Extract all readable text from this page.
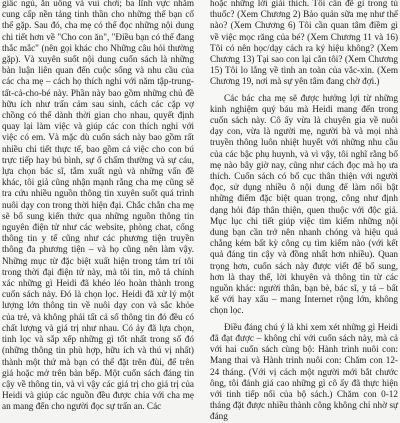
giấc ngủ, ăn uống và vui chơi; ba lĩnh vực nhằm cung cấp nền tảng tinh thần cho những thế bạn cố thể gặp. Sau đó, cha mẹ có thể đọc những nội dung chi tiết hơn về "Cho con ăn", "Điều bạn có thể đang thắc mắc" (nên gọi khác cho Những câu hỏi thường gặp). Và xuyên suốt nội dung cuốn sách là những bàn luận liên quan đến cuộc sống và nhu cầu của các cha mẹ – cách họ thích nghi với năm tập-trung-tất-cả-cho-bé này. Phần này bao gồm những chủ đề hữu ích như trấn cảm sau sinh, cách các cặp vợ chồng có thể dành thời gian cho nhau, quyết định quay lại làm việc và giúp các con thích nghi với việc có em. Và mặc dù cuốn sách này bao gồm rất nhiều chi tiết thực tế, bao gồm cả việc cho con bú trực tiếp hay bú bình, sự ổ chấm thường và sự cáu, lựa chọn bác sĩ, tắm xuất ngủ và những vấn đề khác, tôi giả cũng nhận mạnh rằng cha mẹ cũng sẽ tra cứu nhiều nguồn thông tin xuyên suốt quá trình nuôi dạy con trong thời hiện đại. Chắc chắn cha mẹ sẽ bổ sung kiến thức qua những nguồn thông tin nguyên điện tử như các website, phòng chat, cổng thông tin y tế cũng như các phương tiện truyền thông đa phương tiện – và họ cũng nên làm vậy. Những mục từ đặc biệt xuất hiện trong tám trí tôi trong thời đại điện tử này, mà tôi tin, mô tả chính xác những gì Heidi đã khéo léo hoàn thành trong cuốn sách này. Đó là chọn lọc. Heidi đã xử lý một lượng lớn thông tin về nuôi dạy con và sắc khỏe của trẻ, và không phải tất cả số thông tin đó đều có chất lượng và giá trị như nhau. Có ảy đã lựa chọn, tinh lọc và sắp xếp những gì tốt nhất trong số đó (những thông tin phù hợp, hữu ích và thú vị nhất) thành một thứ mà bạn có thể đặt trên đùi, để trên giá hoặc mở trên bàn bếp. Một cuốn sách đáng tin cậy về thông tin, và vì vậy các giá trị cho giá trị của Heidi và giúp các nguồn đều được chia với cha mẹ an mang đến cho người đọc sự trấn an. Các

hoặc những lời giải thích. Tôi cần đề gì trong tủ thuốc? (Xem Chương 2) Bảo quản sữa mẹ như thế nào? (Xem Chương 6) Tôi cần quan tâm điềm gì về việc mọc răng của bé? (Xem Chương 11 và 16) Tôi có nên học/dạy cách ra ký hiệu không? (Xem Chương 13) Tại sao con lại cắn tôi? (Xem Chương 15) Tôi lo lắng về tình an toàn của vắc-xin. (Xem Chương 19, nơi mà sự yên tâm đang chờ đợi.)

Các bác cha mẹ sẽ được hưởng lợi từ những kinh nghiệm quý báu mà Heidi mang đến trong cuốn sách này. Cô ấy vừa là chuyên gia về nuôi dạy con, vừa là người mẹ, người bà và mọi nhà truyền thông luôn nhiệt huyết với những nhu cầu của các bậc phụ huynh, và vì vậy, tôi nghĩ rằng bố mẹ nào bây giờ nay, cũng như cách đọc mà họ ưa thích. Cuốn sách có bố cục thân thiện với người đọc, sử dụng nhiều ô nội dung để làm nổi bật những điểm đặc biệt quan trọng, công như định dạng hỏi đáp thân thiện, quen thuộc với độc giả. Mục lục chi tiết giúp việc tìm kiếm những nội dung bạn cần trở nên nhanh chóng và hiệu quả chẳng kém bất kỳ công cụ tìm kiếm nào (với kết quả đáng tin cậy và đồng nhất hơn nhiều). Quan trọng hơn, cuốn sách này được viết để bổ sung, hơn là thay thế, lời khuyên và thông tin từ các nguồn khác: người thân, bạn bè, bác sĩ, y tá – bất kể với hay xấu – mang Internet rộng lớn, không chọn lọc.

Điều đáng chú ý là khi xem xét những gì Heidi đã đạt được – không chỉ với cuốn sách này, mà cả với hai cuốn sách cùng bộ: Hành trình nuôi con: Mang thai và Hành trình nuôi con: Chăm con 12-24 tháng. (Với vị cách một người mới bắt chước ông, tôi đánh giá cao những gì cô ấy đã thực hiện với tinh tiếp nối của bộ sách.) Chăm con 0-12 tháng đặt được nhiều thành công không chỉ nhờ sự đáng
